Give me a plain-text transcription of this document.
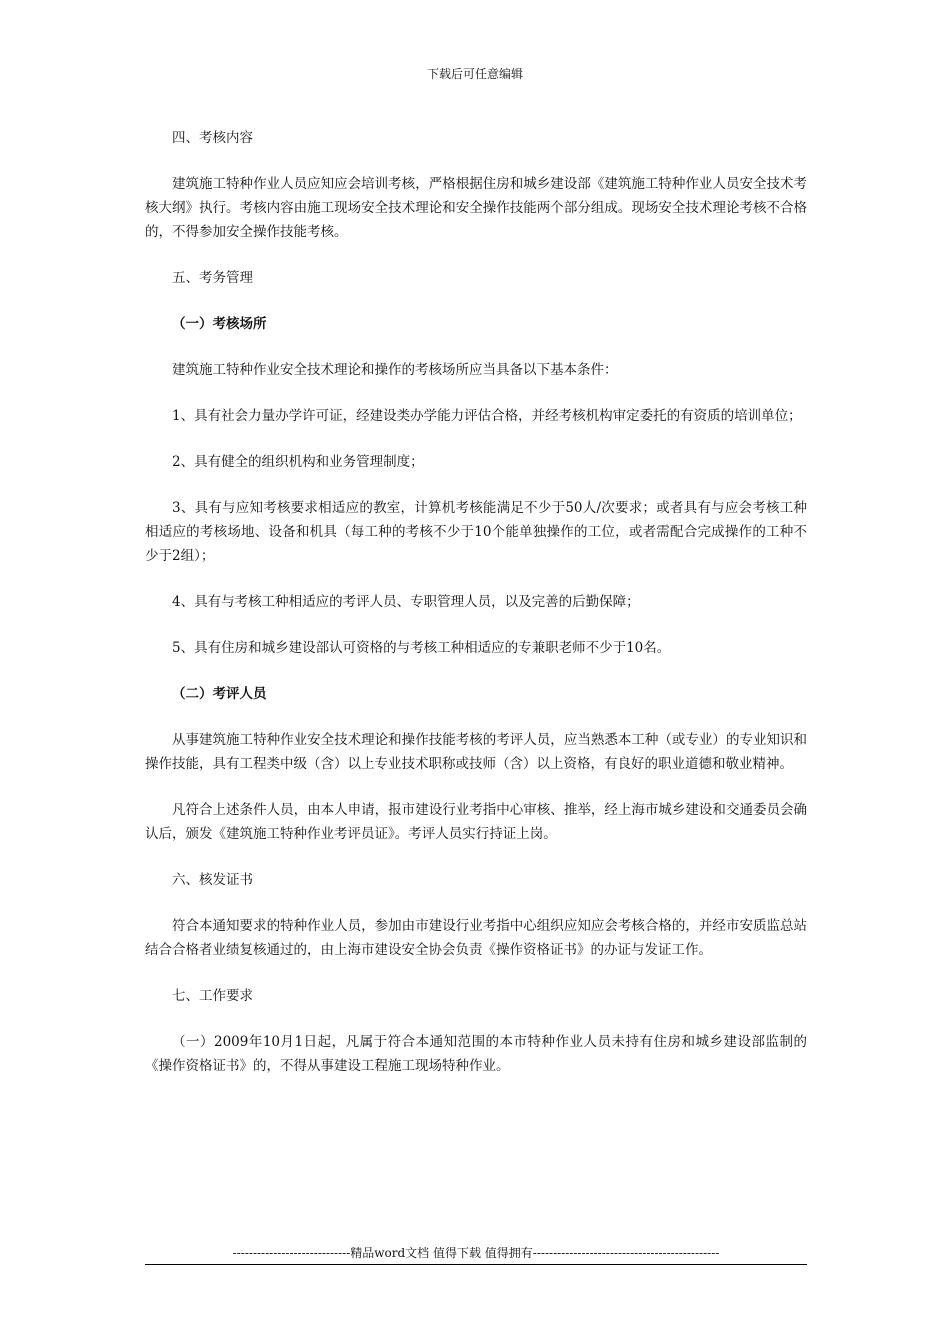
下载后可任意编辑

四、考核内容

建筑施工特种作业人员应知应会培训考核，严格根据住房和城乡建设部《建筑施工特种作业人员安全技术考核大纲》执行。考核内容由施工现场安全技术理论和安全操作技能两个部分组成。现场安全技术理论考核不合格的，不得参加安全操作技能考核。

五、考务管理

（一）考核场所

建筑施工特种作业安全技术理论和操作的考核场所应当具备以下基本条件：

1、具有社会力量办学许可证，经建设类办学能力评估合格，并经考核机构审定委托的有资质的培训单位；

2、具有健全的组织机构和业务管理制度；

3、具有与应知考核要求相适应的教室，计算机考核能满足不少于50人/次要求；或者具有与应会考核工种相适应的考核场地、设备和机具（每工种的考核不少于10个能单独操作的工位，或者需配合完成操作的工种不少于2组）；

4、具有与考核工种相适应的考评人员、专职管理人员，以及完善的后勤保障；

5、具有住房和城乡建设部认可资格的与考核工种相适应的专兼职老师不少于10名。

（二）考评人员

从事建筑施工特种作业安全技术理论和操作技能考核的考评人员，应当熟悉本工种（或专业）的专业知识和操作技能，具有工程类中级（含）以上专业技术职称或技师（含）以上资格，有良好的职业道德和敬业精神。

凡符合上述条件人员，由本人申请，报市建设行业考指中心审核、推举，经上海市城乡建设和交通委员会确认后，颁发《建筑施工特种作业考评员证》。考评人员实行持证上岗。

六、核发证书

符合本通知要求的特种作业人员，参加由市建设行业考指中心组织应知应会考核合格的，并经市安质监总站结合合格者业绩复核通过的，由上海市建设安全协会负责《操作资格证书》的办证与发证工作。

七、工作要求

（一）2009年10月1日起，凡属于符合本通知范围的本市特种作业人员未持有住房和城乡建设部监制的《操作资格证书》的，不得从事建设工程施工现场特种作业。

-----------------------------精品word文档 值得下载 值得拥有----------------------------------------------
